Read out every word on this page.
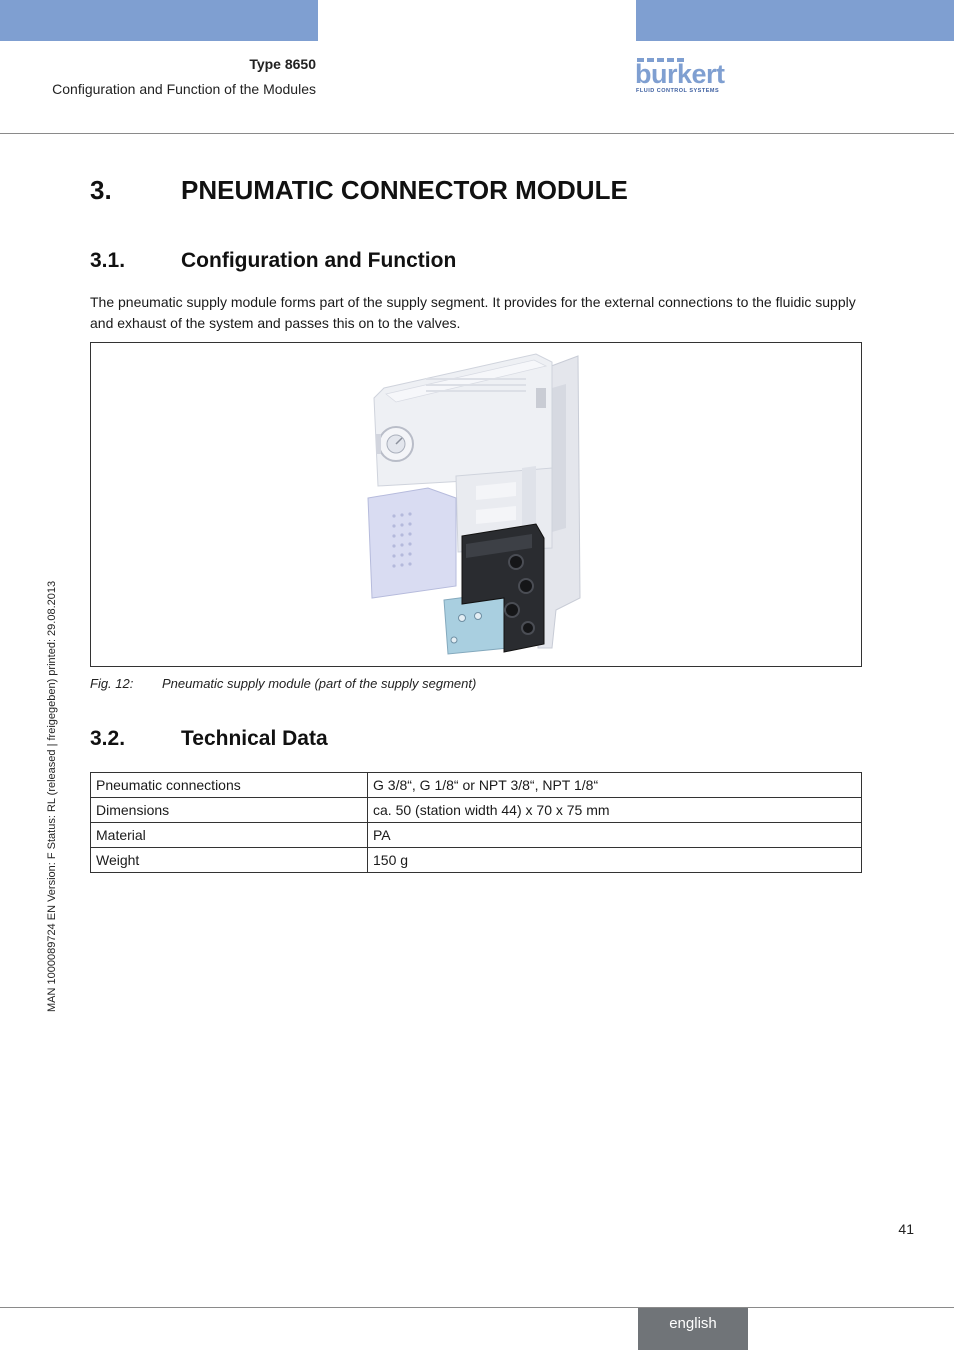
Type 8650
Configuration and Function of the Modules	burkert
FLUID CONTROL SYSTEMS
MAN 1000089724 EN Version: F Status: RL (released | freigegeben) printed: 29.08.2013
3.	PNEUMATIC CONNECTOR MODULE
3.1.	Configuration and Function
The pneumatic supply module forms part of the supply segment. It provides for the external connections to the fluidic supply and exhaust of the system and passes this on to the valves.
Fig. 12: Pneumatic supply module (part of the supply segment)
3.2.	Technical Data
Pneumatic connections	G 3/8“, G 1/8“ or NPT 3/8“, NPT 1/8“
Dimensions	ca. 50 (station width 44) x 70 x 75 mm
Material	PA
Weight	150 g
41
english
